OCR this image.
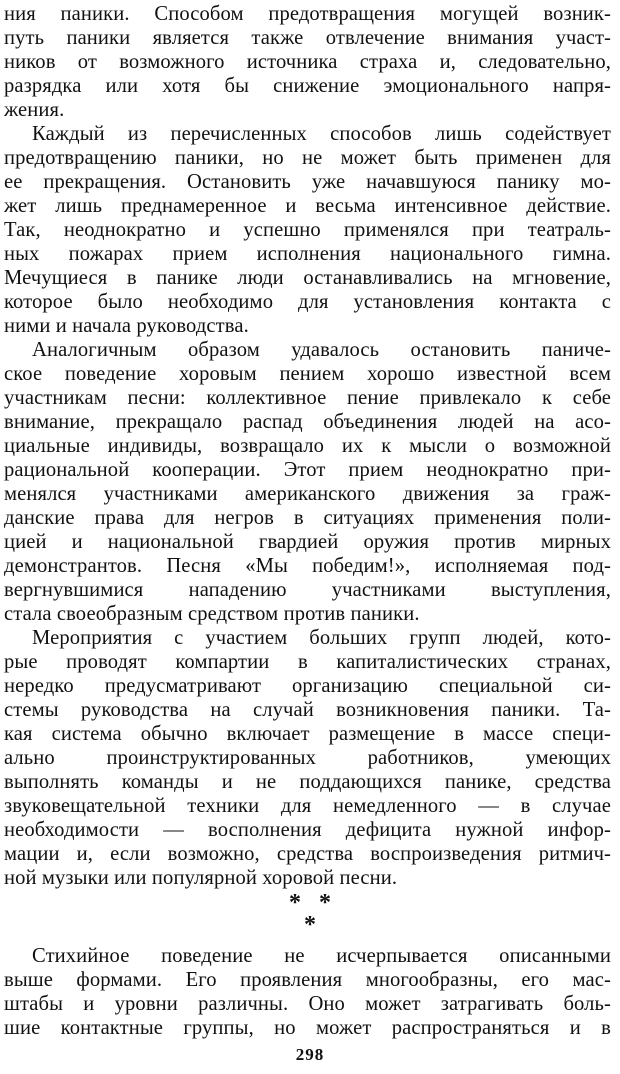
ния паники. Способом предотвращения могущей возник-
путь паники является также отвлечение внимания участ-
ников от возможного источника страха и, следовательно,
разрядка или хотя бы снижение эмоционального напря-
жения.
Каждый из перечисленных способов лишь содействует
предотвращению паники, но не может быть применен для
ее прекращения. Остановить уже начавшуюся панику мо-
жет лишь преднамеренное и весьма интенсивное действие.
Так, неоднократно и успешно применялся при театраль-
ных пожарах прием исполнения национального гимна.
Мечущиеся в панике люди останавливались на мгновение,
которое было необходимо для установления контакта с
ними и начала руководства.
Аналогичным образом удавалось остановить паниче-
ское поведение хоровым пением хорошо известной всем
участникам песни: коллективное пение привлекало к себе
внимание, прекращало распад объединения людей на асо-
циальные индивиды, возвращало их к мысли о возможной
рациональной кооперации. Этот прием неоднократно при-
менялся участниками американского движения за граж-
данские права для негров в ситуациях применения поли-
цией и национальной гвардией оружия против мирных
демонстрантов. Песня «Мы победим!», исполняемая под-
вергнувшимися нападению участниками выступления,
стала своеобразным средством против паники.
Мероприятия с участием больших групп людей, кото-
рые проводят компартии в капиталистических странах,
нередко предусматривают организацию специальной си-
стемы руководства на случай возникновения паники. Та-
кая система обычно включает размещение в массе специ-
ально проинструктированных работников, умеющих
выполнять команды и не поддающихся панике, средства
звуковещательной техники для немедленного — в случае
необходимости — восполнения дефицита нужной инфор-
мации и, если возможно, средства воспроизведения ритмич-
ной музыки или популярной хоровой песни.
*   *
*
Стихийное поведение не исчерпывается описанными
выше формами. Его проявления многообразны, его мас-
штабы и уровни различны. Оно может затрагивать боль-
шие контактные группы, но может распространяться и в
298
